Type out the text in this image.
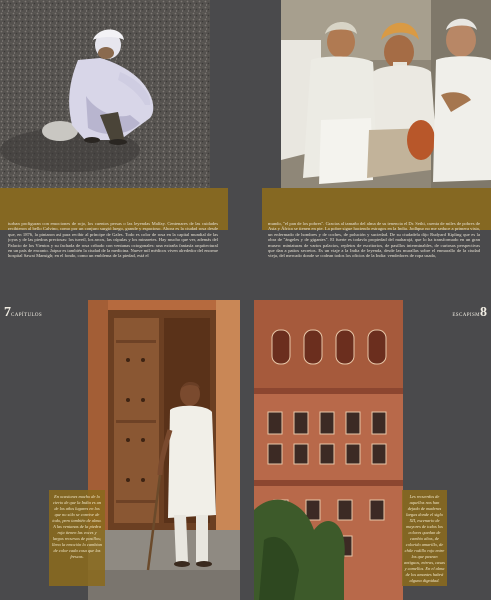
turban profiguran con emociones de rojo, los cuentos persas o las leyendas Malfay. Centenares de las cuidades recibieron al bello Calvino, como por un conjuro surgió luego, grande y espacioso. Ahora es la ciudad rosa desde que, en 1876, la pintaron así para recibir al príncipe de Gales. Todo es color de rosa en la capital mundial de las joyas y de las piedras preciosas: los tuveil, los arcos, las cúpulas y los minaretes. Hay mucho que ver, además del Palacio de los Vientos y su fachada de rosa cribado con ventanas octogonales: una extraña fantasía arquitectural en un país de encanto. Jaipur es también la ciudad de la medicina. Nueve mil médicos viven alrededor del enorme hospital Sawai Mansigh; en el fondo, como un emblema de la piedad, está el

mundo, "el pan de los pobres". Gracias al tamaño del alma de su tenencia el Dr. Sethi, cuenta de miles de pobres de Asia y África se tienen en pie. La pobre sigue haciendo estragos en la India. Jodhpur no me seduce a primera vista, un enfermado de hombres y de coches, de polución y suciedad. De su ciudadela dijo Rudyard Kipling que es la obra de "ángeles y de gigantes". El fuerte es todavía propiedad del maharajá, que lo ha transformado en un gran museo: miniaturas de varios palacios, repletos de escritorios, de pasillos interminables, de curiosas perspectivas que dan a patios secretos. Es un viaje a la India de leyenda, desde las murallas sobre el enmarallo de la ciudad vieja, del mercado donde se codean todos los oficios de la India: vendedores de ropa usada,

7CAPÍTULOS	ESCAPISM8
En ocasiones mucho de lo cierto de que la India es un de los años lugares en los que no sólo se convive de todo, pero también de alma. A las ventanas de la piedra roja tienen las voces y largos recursos de pasillos; lleno la emoción lo cambian de color cada cosa que las frescas.
Les recuerdos de aquellos nos han dejado de maderas largas donde el siglo XII, escenario de mayores de todos los colores quedan de cambio altos, de colorido amarillo, de chile rodillo rojo entre los que pasean antiguos, mirras, casas y camellos. En el alma de los amantes habrá alguna dignidad.
